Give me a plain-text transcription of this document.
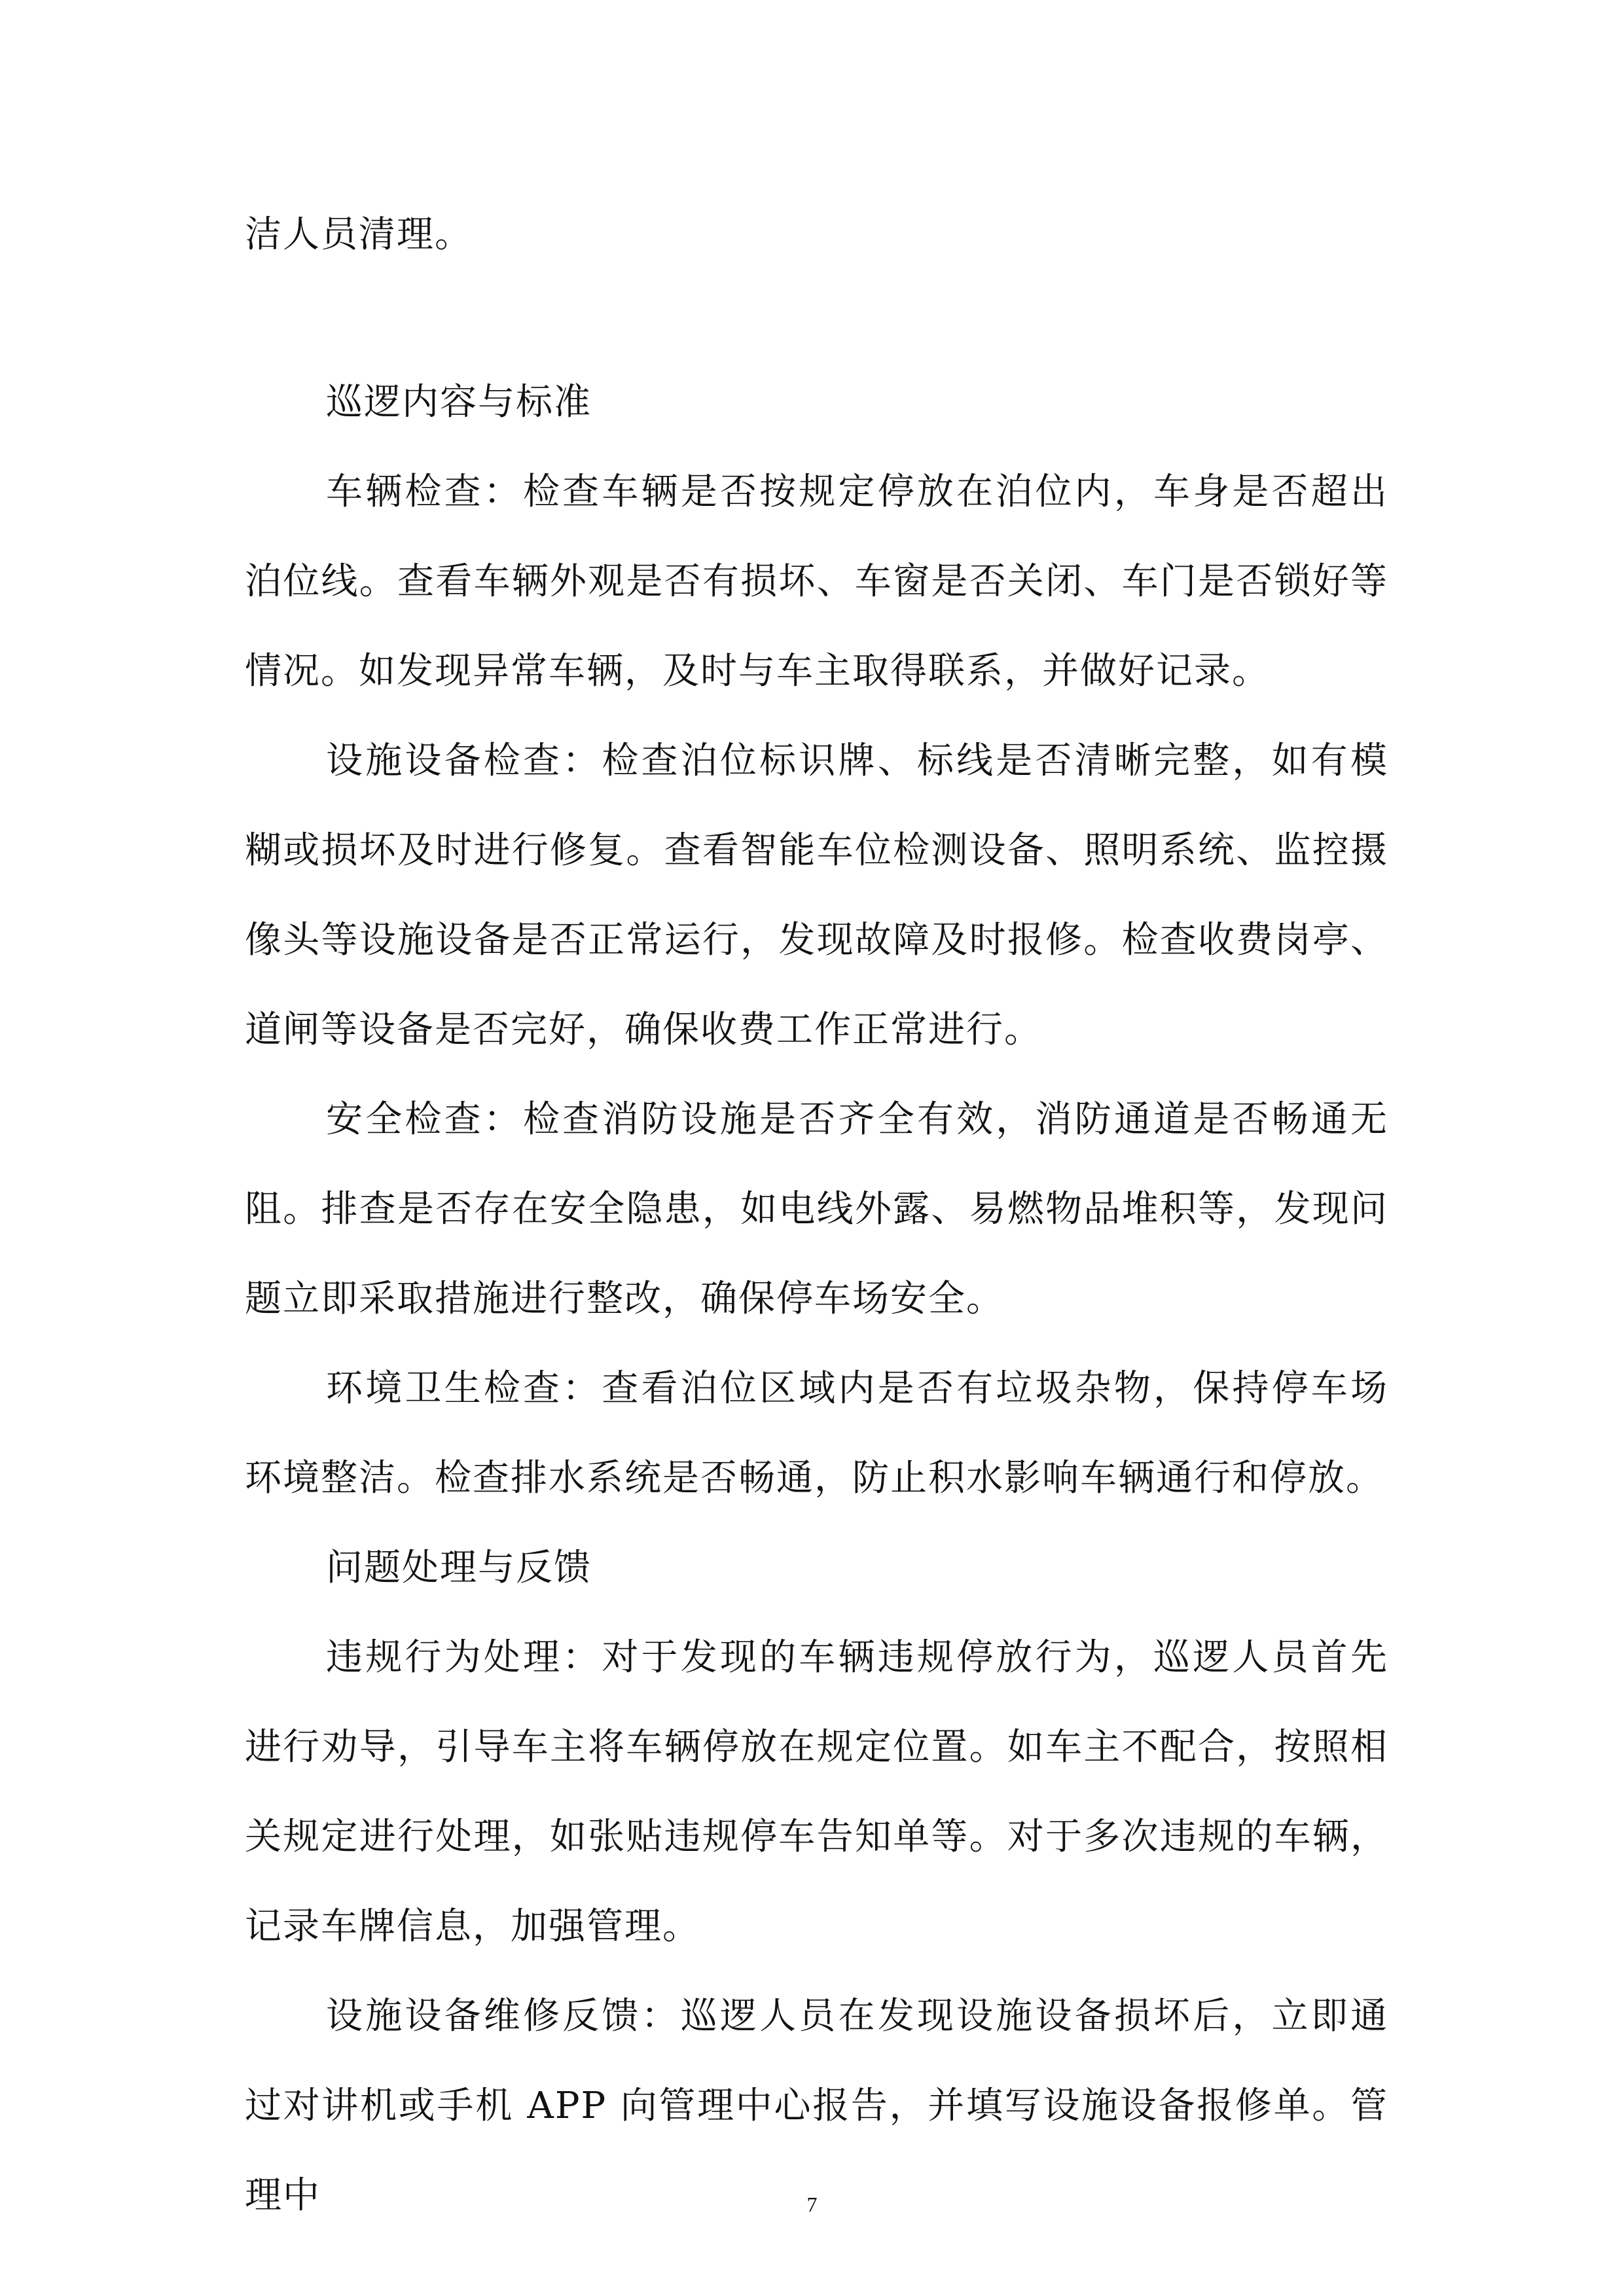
洁人员清理。

巡逻内容与标准

车辆检查：检查车辆是否按规定停放在泊位内，车身是否超出泊位线。查看车辆外观是否有损坏、车窗是否关闭、车门是否锁好等情况。如发现异常车辆，及时与车主取得联系，并做好记录。

设施设备检查：检查泊位标识牌、标线是否清晰完整，如有模糊或损坏及时进行修复。查看智能车位检测设备、照明系统、监控摄像头等设施设备是否正常运行，发现故障及时报修。检查收费岗亭、道闸等设备是否完好，确保收费工作正常进行。

安全检查：检查消防设施是否齐全有效，消防通道是否畅通无阻。排查是否存在安全隐患，如电线外露、易燃物品堆积等，发现问题立即采取措施进行整改，确保停车场安全。

环境卫生检查：查看泊位区域内是否有垃圾杂物，保持停车场环境整洁。检查排水系统是否畅通，防止积水影响车辆通行和停放。

问题处理与反馈

违规行为处理：对于发现的车辆违规停放行为，巡逻人员首先进行劝导，引导车主将车辆停放在规定位置。如车主不配合，按照相关规定进行处理，如张贴违规停车告知单等。对于多次违规的车辆，记录车牌信息，加强管理。

设施设备维修反馈：巡逻人员在发现设施设备损坏后，立即通过对讲机或手机 APP 向管理中心报告，并填写设施设备报修单。管理中	7
